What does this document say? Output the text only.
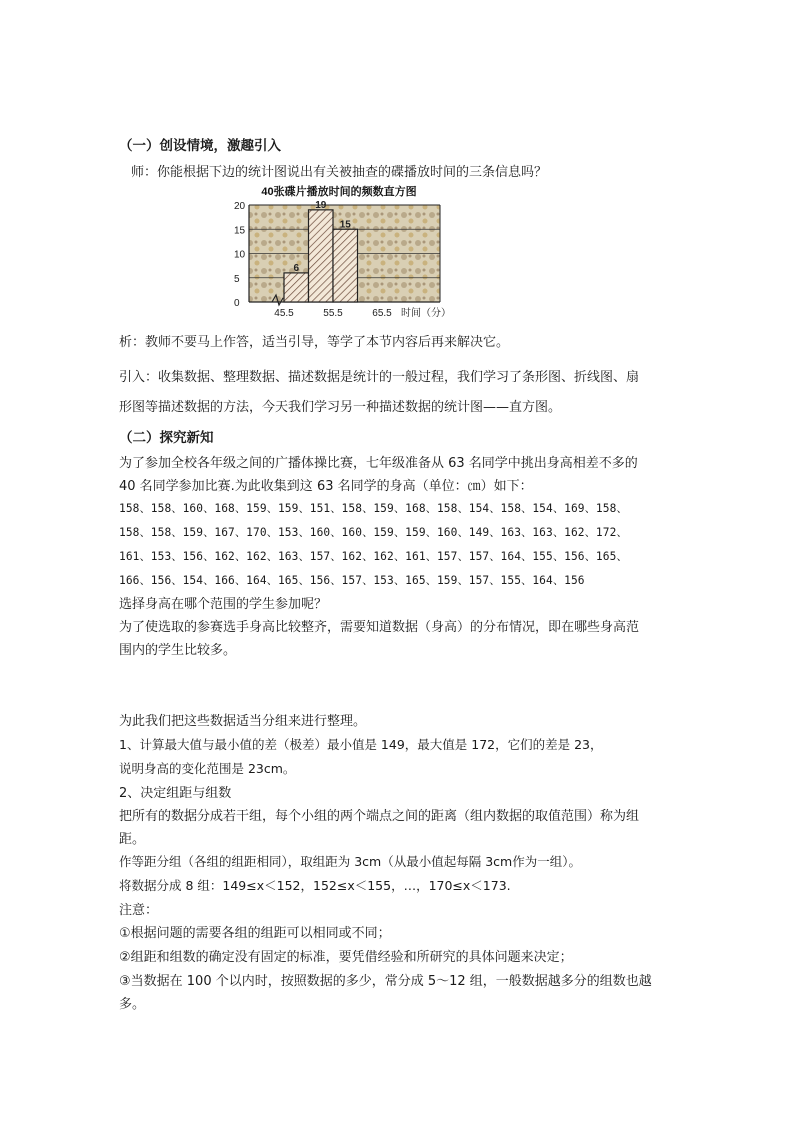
（一）创设情境，激趣引入
师：你能根据下边的统计图说出有关被抽查的碟播放时间的三条信息吗？
40张碟片播放时间的频数直方图
0
5
10
15
20
6
19
15
45.5	55.5	65.5 时间（分）
析：教师不要马上作答，适当引导，等学了本节内容后再来解决它。
引入：收集数据、整理数据、描述数据是统计的一般过程，我们学习了条形图、折线图、扇
形图等描述数据的方法，今天我们学习另一种描述数据的统计图——直方图。
（二）探究新知
为了参加全校各年级之间的广播体操比赛，七年级准备从 63 名同学中挑出身高相差不多的
40 名同学参加比赛.为此收集到这 63 名同学的身高（单位：㎝）如下：
158、158、160、168、159、159、151、158、159、168、158、154、158、154、169、158、
158、158、159、167、170、153、160、160、159、159、160、149、163、163、162、172、
161、153、156、162、162、163、157、162、162、161、157、157、164、155、156、165、
166、156、154、166、164、165、156、157、153、165、159、157、155、164、156
选择身高在哪个范围的学生参加呢？
为了使选取的参赛选手身高比较整齐，需要知道数据（身高）的分布情况，即在哪些身高范
围内的学生比较多。
为此我们把这些数据适当分组来进行整理。
1、计算最大值与最小值的差（极差）最小值是 149，最大值是 172，它们的差是 23，
说明身高的变化范围是 23cm。
2、决定组距与组数
把所有的数据分成若干组，每个小组的两个端点之间的距离（组内数据的取值范围）称为组
距。
作等距分组（各组的组距相同），取组距为 3cm（从最小值起每隔 3cm作为一组）。
将数据分成 8 组：149≤x＜152，152≤x＜155，…，170≤x＜173.
注意：
①根据问题的需要各组的组距可以相同或不同；
②组距和组数的确定没有固定的标准，要凭借经验和所研究的具体问题来决定；
③当数据在 100 个以内时，按照数据的多少，常分成 5～12 组，一般数据越多分的组数也越
多。
